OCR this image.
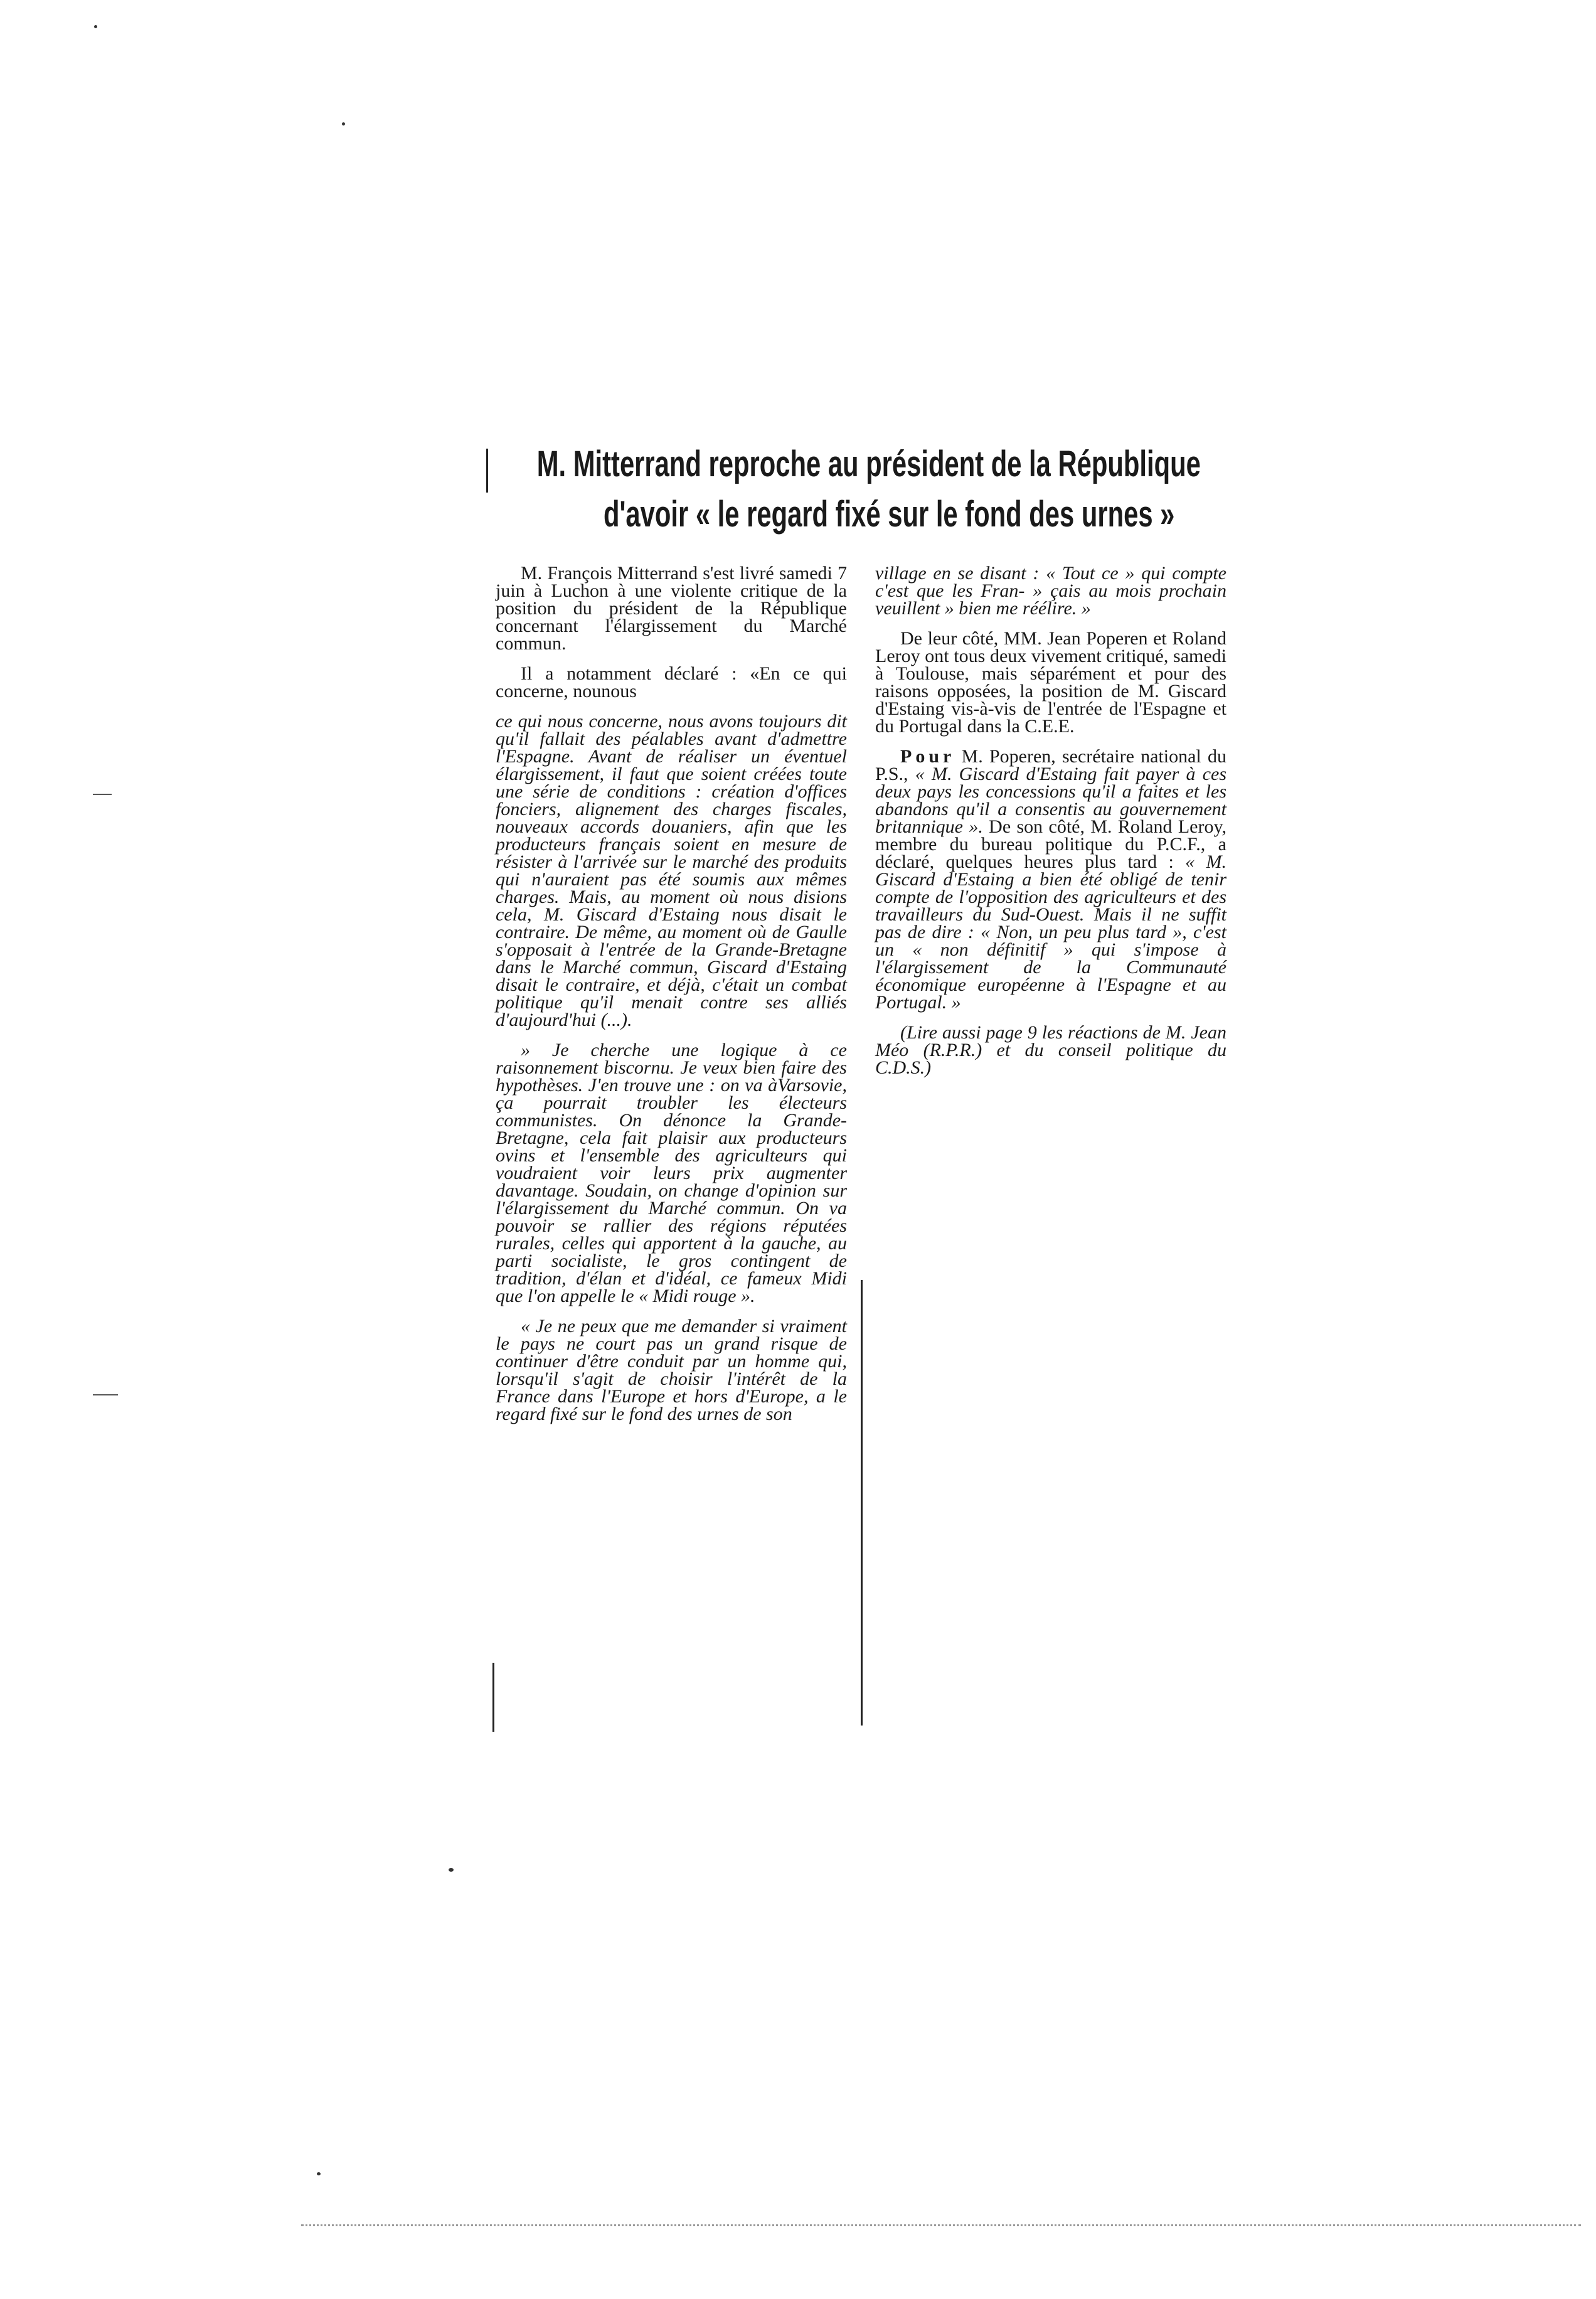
M. Mitterrand reproche au président de la République
d'avoir « le regard fixé sur le fond des urnes »

M. François Mitterrand s'est livré samedi 7 juin à Luchon à une violente critique de la position du président de la République concernant l'élargissement du Marché commun.

Il a notamment déclaré : «En ce qui concerne, nounous

ce qui nous concerne, nous avons toujours dit qu'il fallait des péalables avant d'admettre l'Espagne. Avant de réaliser un éventuel élargissement, il faut que soient créées toute une série de conditions : création d'offices fonciers, alignement des charges fiscales, nouveaux accords douaniers, afin que les producteurs français soient en mesure de résister à l'arrivée sur le marché des produits qui n'auraient pas été soumis aux mêmes charges. Mais, au moment où nous disions cela, M. Giscard d'Estaing nous disait le contraire. De même, au moment où de Gaulle s'opposait à l'entrée de la Grande-Bretagne dans le Marché commun, Giscard d'Estaing disait le contraire, et déjà, c'était un combat politique qu'il menait contre ses alliés d'aujourd'hui (...).

» Je cherche une logique à ce raisonnement biscornu. Je veux bien faire des hypothèses. J'en trouve une : on va àVarsovie, ça pourrait troubler les électeurs communistes. On dénonce la Grande-Bretagne, cela fait plaisir aux producteurs ovins et l'ensemble des agriculteurs qui voudraient voir leurs prix augmenter davantage. Soudain, on change d'opinion sur l'élargissement du Marché commun. On va pouvoir se rallier des régions réputées rurales, celles qui apportent à la gauche, au parti socialiste, le gros contingent de tradition, d'élan et d'idéal, ce fameux Midi que l'on appelle le « Midi rouge ».

« Je ne peux que me demander si vraiment le pays ne court pas un grand risque de continuer d'être conduit par un homme qui, lorsqu'il s'agit de choisir l'intérêt de la France dans l'Europe et hors d'Europe, a le regard fixé sur le fond des urnes de son

village en se disant : « Tout ce » qui compte c'est que les Fran- » çais au mois prochain veuillent » bien me réélire. »

De leur côté, MM. Jean Poperen et Roland Leroy ont tous deux vivement critiqué, samedi à Toulouse, mais séparément et pour des raisons opposées, la position de M. Giscard d'Estaing vis-à-vis de l'entrée de l'Espagne et du Portugal dans la C.E.E.

Pour M. Poperen, secrétaire national du P.S., « M. Giscard d'Estaing fait payer à ces deux pays les concessions qu'il a faites et les abandons qu'il a consentis au gouvernement britannique ». De son côté, M. Roland Leroy, membre du bureau politique du P.C.F., a déclaré, quelques heures plus tard : « M. Giscard d'Estaing a bien été obligé de tenir compte de l'opposition des agriculteurs et des travailleurs du Sud-Ouest. Mais il ne suffit pas de dire : « Non, un peu plus tard », c'est un « non définitif » qui s'impose à l'élargissement de la Communauté économique européenne à l'Espagne et au Portugal. »

(Lire aussi page 9 les réactions de M. Jean Méo (R.P.R.) et du conseil politique du C.D.S.)
